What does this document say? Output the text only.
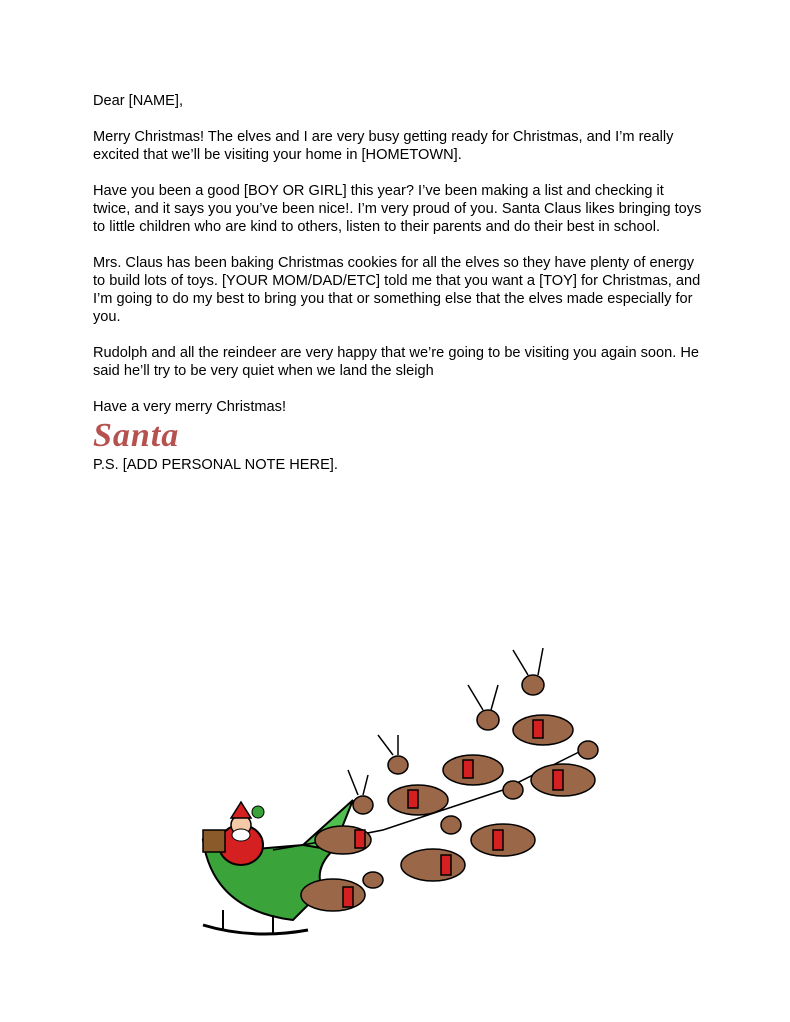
Dear [NAME],

Merry Christmas! The elves and I are very busy getting ready for Christmas, and I’m really excited that we’ll be visiting your home in [HOMETOWN].

Have you been a good [BOY OR GIRL] this year? I’ve been making a list and checking it twice, and it says you you’ve been nice!. I’m very proud of you. Santa Claus likes bringing toys to little children who are kind to others, listen to their parents and do their best in school.

Mrs. Claus has been baking Christmas cookies for all the elves so they have plenty of energy to build lots of toys. [YOUR MOM/DAD/ETC] told me that you want a [TOY] for Christmas, and I’m going to do my best to bring you that or something else that the elves made especially for you.

Rudolph and all the reindeer are very happy that we’re going to be visiting you again soon. He said he’ll try to be very quiet when we land the sleigh

Have a very merry Christmas!

Santa

P.S. [ADD PERSONAL NOTE HERE].
